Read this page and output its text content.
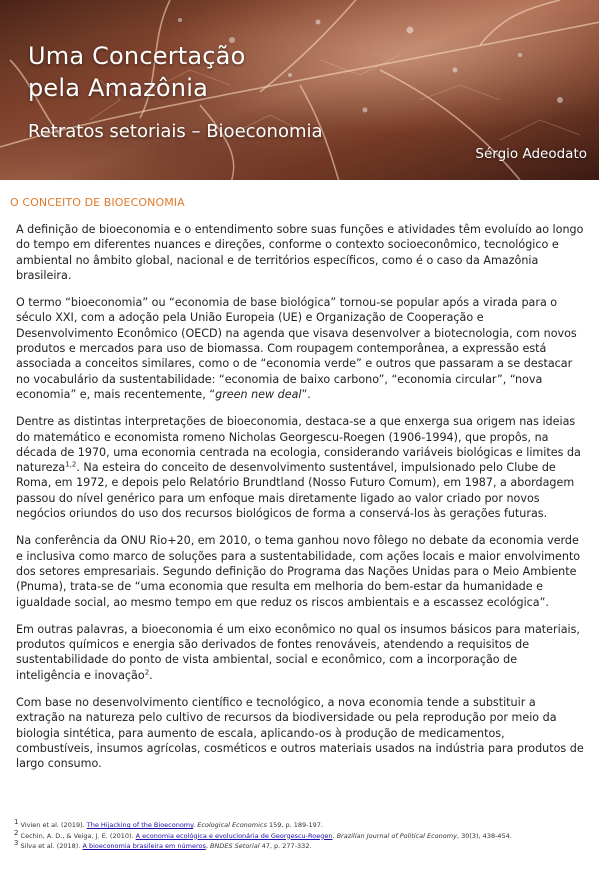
Uma Concertação
pela Amazônia
Retratos setoriais – Bioeconomia
Sérgio Adeodato
O CONCEITO DE BIOECONOMIA

A definição de bioeconomia e o entendimento sobre suas funções e atividades têm evoluído ao longo do tempo em diferentes nuances e direções, conforme o contexto socioeconômico, tecnológico e ambiental no âmbito global, nacional e de territórios específicos, como é o caso da Amazônia brasileira.

O termo “bioeconomia” ou “economia de base biológica” tornou-se popular após a virada para o século XXI, com a adoção pela União Europeia (UE) e Organização de Cooperação e Desenvolvimento Econômico (OECD) na agenda que visava desenvolver a biotecnologia, com novos produtos e mercados para uso de biomassa. Com roupagem contemporânea, a expressão está associada a conceitos similares, como o de “economia verde” e outros que passaram a se destacar no vocabulário da sustentabilidade: “economia de baixo carbono”, “economia circular”, “nova economia” e, mais recentemente, “green new deal”.

Dentre as distintas interpretações de bioeconomia, destaca-se a que enxerga sua origem nas ideias do matemático e economista romeno Nicholas Georgescu-Roegen (1906-1994), que propôs, na década de 1970, uma economia centrada na ecologia, considerando variáveis biológicas e limites da natureza$^{1,2}$. Na esteira do conceito de desenvolvimento sustentável, impulsionado pelo Clube de Roma, em 1972, e depois pelo Relatório Brundtland (Nosso Futuro Comum), em 1987, a abordagem passou do nível genérico para um enfoque mais diretamente ligado ao valor criado por novos negócios oriundos do uso dos recursos biológicos de forma a conservá-los às gerações futuras.

Na conferência da ONU Rio+20, em 2010, o tema ganhou novo fôlego no debate da economia verde e inclusiva como marco de soluções para a sustentabilidade, com ações locais e maior envolvimento dos setores empresariais. Segundo definição do Programa das Nações Unidas para o Meio Ambiente (Pnuma), trata-se de “uma economia que resulta em melhoria do bem-estar da humanidade e igualdade social, ao mesmo tempo em que reduz os riscos ambientais e a escassez ecológica”.

Em outras palavras, a bioeconomia é um eixo econômico no qual os insumos básicos para materiais, produtos químicos e energia são derivados de fontes renováveis, atendendo a requisitos de sustentabilidade do ponto de vista ambiental, social e econômico, com a incorporação de inteligência e inovação$^2$.

Com base no desenvolvimento científico e tecnológico, a nova economia tende a substituir a extração na natureza pelo cultivo de recursos da biodiversidade ou pela reprodução por meio da biologia sintética, para aumento de escala, aplicando-os à produção de medicamentos, combustíveis, insumos agrícolas, cosméticos e outros materiais usados na indústria para produtos de largo consumo.

$^1$ Vivien et al. (2019). The Hijacking of the Bioeconomy. Ecological Economics 159, p. 189-197.
$^2$ Cechin, A. D., & Veiga, J. E. (2010). A economia ecológica e evolucionária de Georgescu-Roegen. Brazilian Journal of Political Economy, 30(3), 438-454.
$^3$ Silva et al. (2018). A bioeconomia brasileira em números, BNDES Setorial 47, p. 277-332.
